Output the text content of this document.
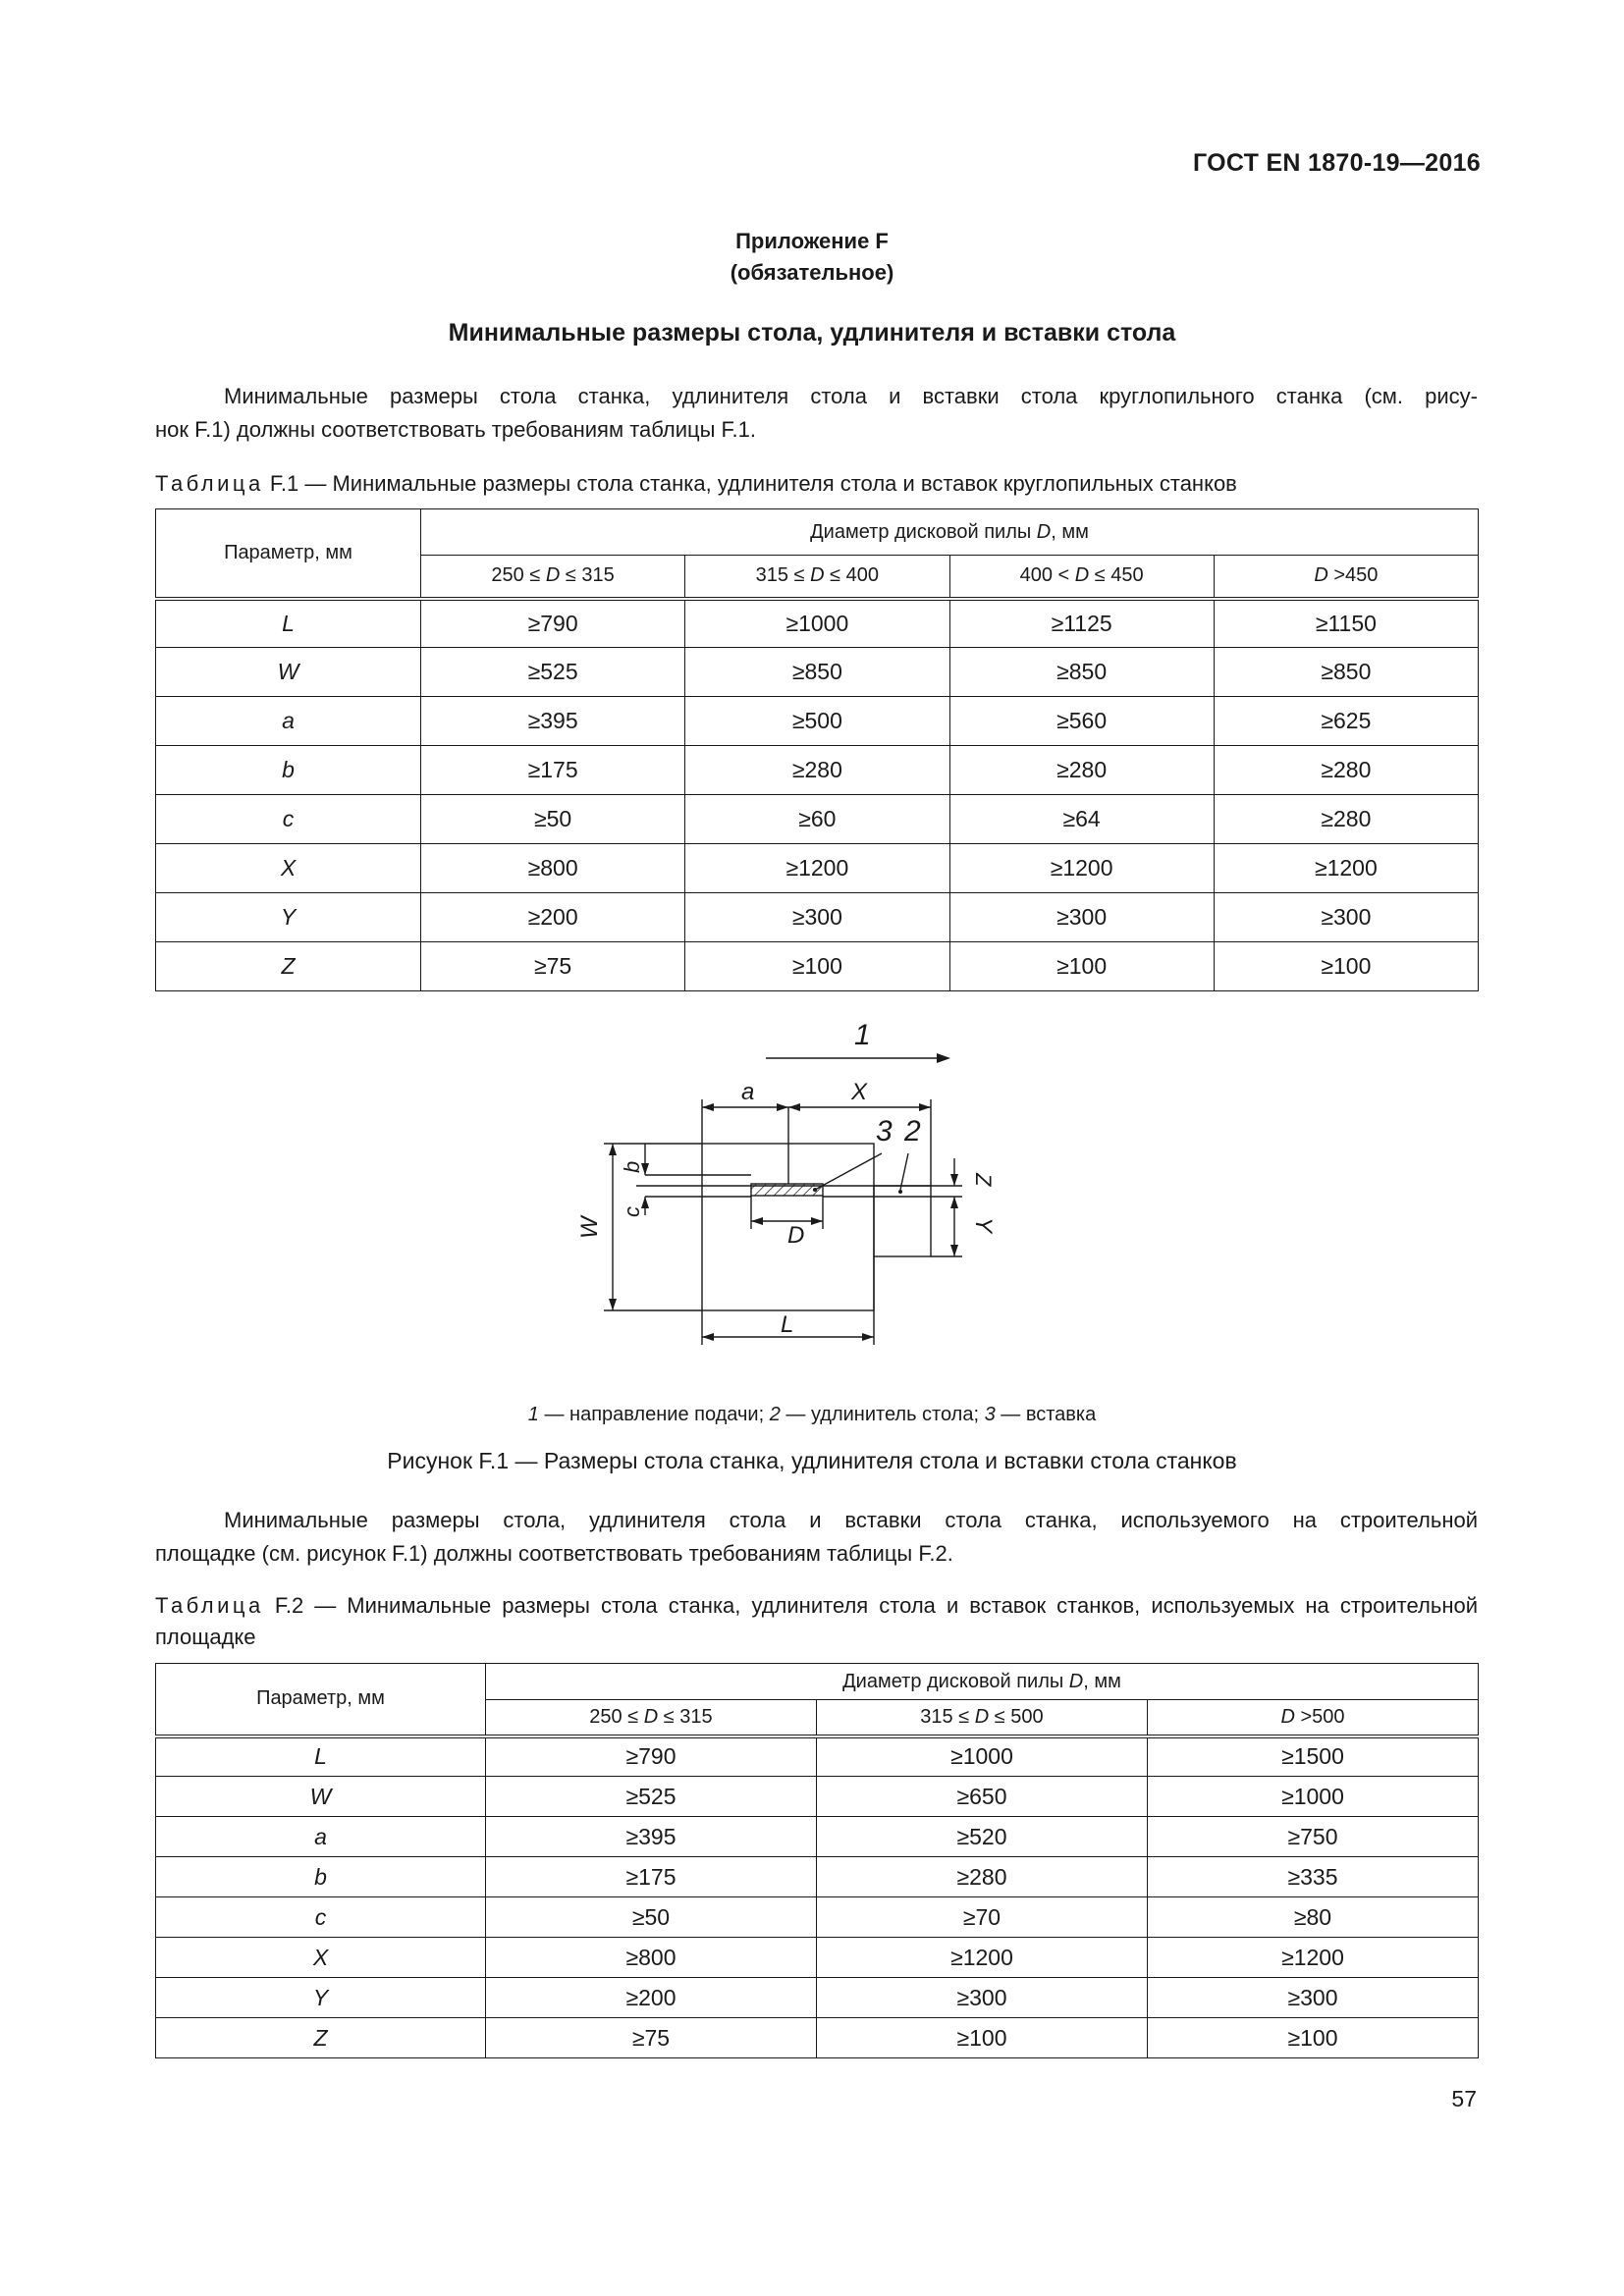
ГОСТ EN 1870-19—2016
Приложение F
(обязательное)
Минимальные размеры стола, удлинителя и вставки стола
Минимальные размеры стола станка, удлинителя стола и вставки стола круглопильного станка (см. рису-
нок F.1) должны соответствовать требованиям таблицы F.1.
Таблица F.1 — Минимальные размеры стола станка, удлинителя стола и вставок круглопильных станков
Параметр, мм	Диаметр дисковой пилы D, мм			
	250 ≤ D ≤ 315	315 ≤ D ≤ 400	400 < D ≤ 450	D >450
L	≥790	≥1000	≥1125	≥1150
W	≥525	≥850	≥850	≥850
a	≥395	≥500	≥560	≥625
b	≥175	≥280	≥280	≥280
c	≥50	≥60	≥64	≥280
X	≥800	≥1200	≥1200	≥1200
Y	≥200	≥300	≥300	≥300
Z	≥75	≥100	≥100	≥100
1
a	X
3 2
D
L
W
b
c
Z
Y
1 — направление подачи; 2 — удлинитель стола; 3 — вставка
Рисунок F.1 — Размеры стола станка, удлинителя стола и вставки стола станков
Минимальные размеры стола, удлинителя стола и вставки стола станка, используемого на строительной
площадке (см. рисунок F.1) должны соответствовать требованиям таблицы F.2.
Таблица F.2 — Минимальные размеры стола станка, удлинителя стола и вставок станков, используемых на строительной площадке
Параметр, мм	Диаметр дисковой пилы D, мм		
	250 ≤ D ≤ 315	315 ≤ D ≤ 500	D >500
L	≥790	≥1000	≥1500
W	≥525	≥650	≥1000
a	≥395	≥520	≥750
b	≥175	≥280	≥335
c	≥50	≥70	≥80
X	≥800	≥1200	≥1200
Y	≥200	≥300	≥300
Z	≥75	≥100	≥100
57
